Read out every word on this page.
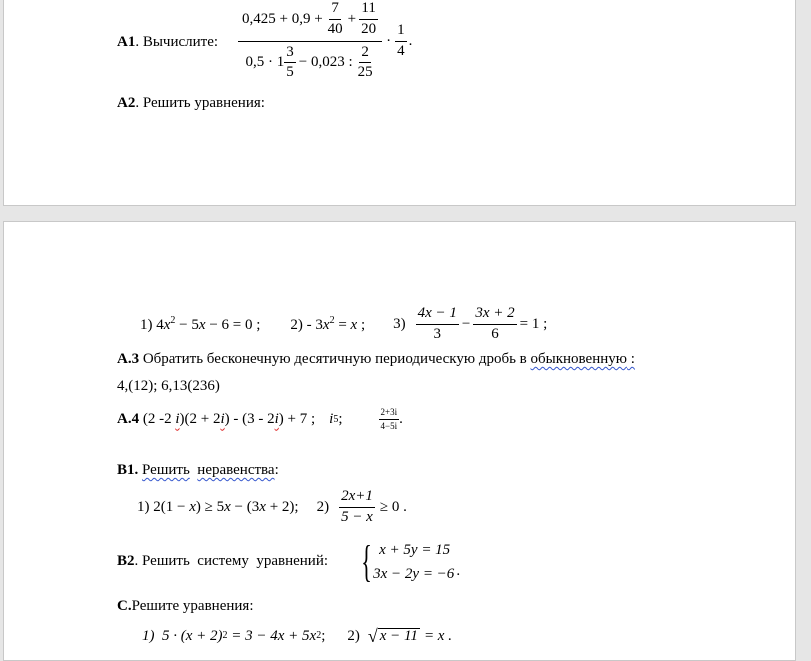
A1. Вычислите:
$0,425 + 0,9 + \frac{7}{40} + \frac{11}{20}$
$0,5 \cdot 1 \frac{3}{5} - 0,023$ : $\frac{2}{25}$
· $\frac{1}{4}$ .
A2. Решить уравнения:
1) $4x^2 - 5x - 6 = 0$ ; $2) - 3x^2 = x$ ; $3) \frac{4x - 1}{3} - \frac{3x + 2}{6} = 1$ ;
A.3 Обратить бесконечную десятичную периодическую дробь в обыкновенную :
4,(12); 6,13(236)
A.4 (2 -2 i )(2 + 2 i ) - (3 - 2 i ) + 7 ; i 5 ;	$\frac{2+3i}{4-5i}$ .
B1. Решить неравенства:
1) 2(1 − x ) ≥ 5 x − (3 x + 2); $2) \frac{2x+1}{5 - x} \ge 0$ .
B2. Решить  систему  уравнений: { x + 5y = 15
3x − 2y = −6 .
C.Решите уравнения:
1)  5 · (x + 2) 2 = 3 − 4x + 5x 2 ; 2) √ x − 11 = x .
